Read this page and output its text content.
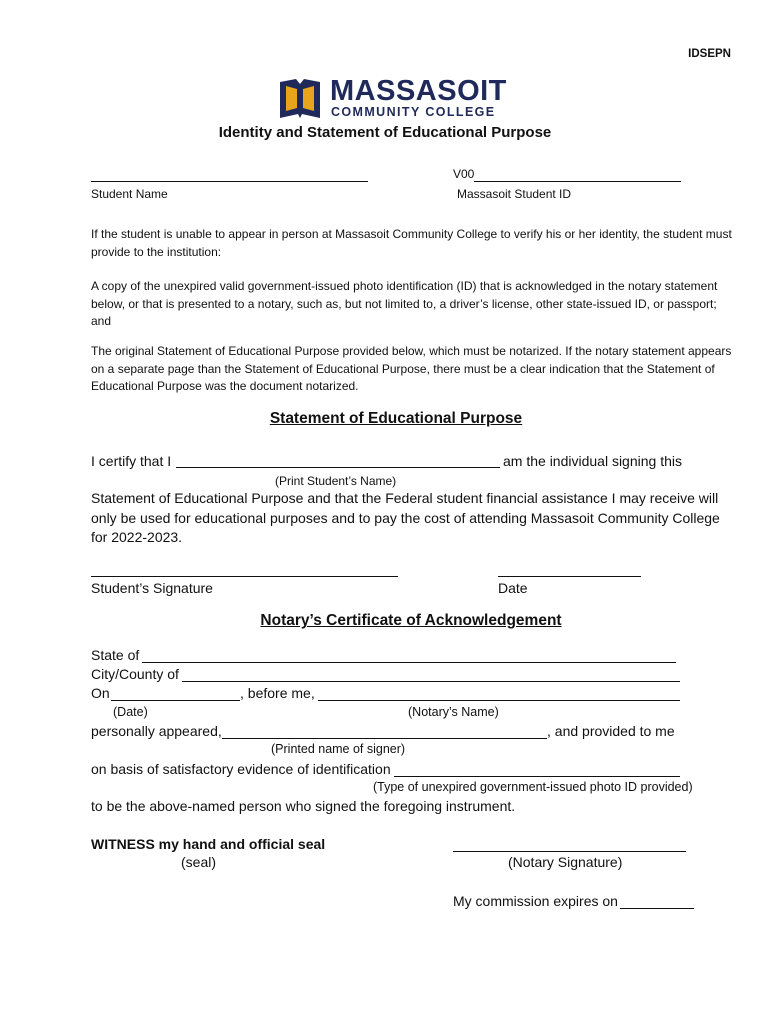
IDSEPN
MASSASOIT
COMMUNITY COLLEGE
Identity and Statement of Educational Purpose
Student Name
V00
Massasoit Student ID
If the student is unable to appear in person at Massasoit Community College to verify his or her identity, the student must provide to the institution:
A copy of the unexpired valid government-issued photo identification (ID) that is acknowledged in the notary statement below, or that is presented to a notary, such as, but not limited to, a driver’s license, other state-issued ID, or passport; and
The original Statement of Educational Purpose provided below, which must be notarized. If the notary statement appears on a separate page than the Statement of Educational Purpose, there must be a clear indication that the Statement of Educational Purpose was the document notarized.
Statement of Educational Purpose
I certify that I	am the individual signing this
(Print Student’s Name)
Statement of Educational Purpose and that the Federal student financial assistance I may receive will only be used for educational purposes and to pay the cost of attending Massasoit Community College for 2022-2023.
Student’s Signature	Date
Notary’s Certificate of Acknowledgement
State of
City/County of
On	, before me,
(Date)	(Notary’s Name)
personally appeared,	, and provided to me
(Printed name of signer)
on basis of satisfactory evidence of identification
(Type of unexpired government-issued photo ID provided)
to be the above-named person who signed the foregoing instrument.
WITNESS my hand and official seal
(seal)	(Notary Signature)
My commission expires on
